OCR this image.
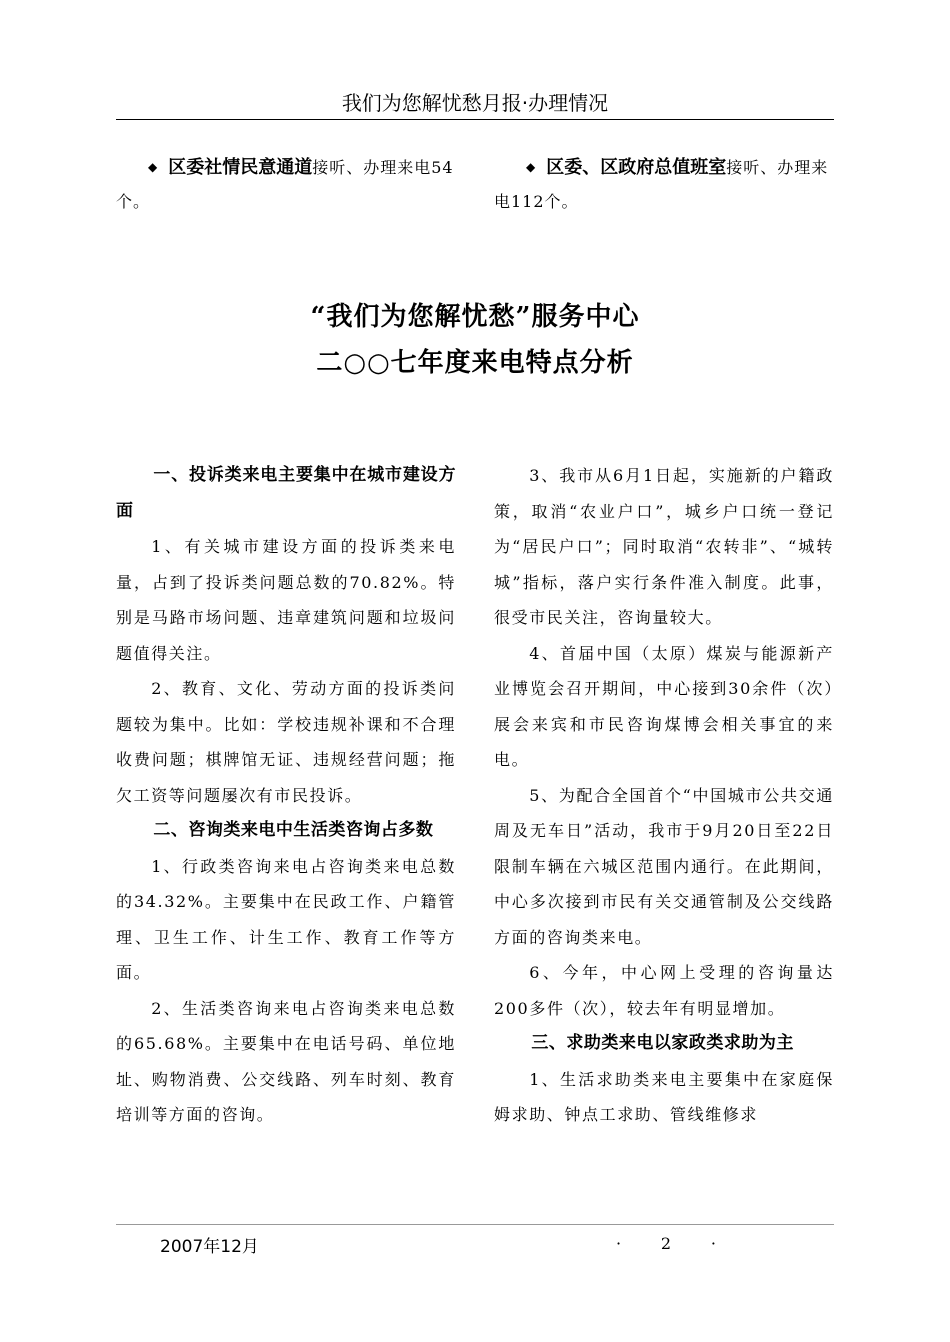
我们为您解忧愁月报·办理情况
◆ 区委社情民意通道接听、办理来电54个。
◆ 区委、区政府总值班室接听、办理来电112个。
“我们为您解忧愁”服务中心
二○○七年度来电特点分析

一、投诉类来电主要集中在城市建设方面

1、有关城市建设方面的投诉类来电量，占到了投诉类问题总数的70.82%。特别是马路市场问题、违章建筑问题和垃圾问题值得关注。

2、教育、文化、劳动方面的投诉类问题较为集中。比如：学校违规补课和不合理收费问题；棋牌馆无证、违规经营问题；拖欠工资等问题屡次有市民投诉。

二、咨询类来电中生活类咨询占多数

1、行政类咨询来电占咨询类来电总数的34.32%。主要集中在民政工作、户籍管理、卫生工作、计生工作、教育工作等方面。

2、生活类咨询来电占咨询类来电总数的65.68%。主要集中在电话号码、单位地址、购物消费、公交线路、列车时刻、教育培训等方面的咨询。

3、我市从6月1日起，实施新的户籍政策，取消“农业户口”，城乡户口统一登记为“居民户口”；同时取消“农转非”、“城转城”指标，落户实行条件准入制度。此事，很受市民关注，咨询量较大。

4、首届中国（太原）煤炭与能源新产业博览会召开期间，中心接到30余件（次）展会来宾和市民咨询煤博会相关事宜的来电。

5、为配合全国首个“中国城市公共交通周及无车日”活动，我市于9月20日至22日限制车辆在六城区范围内通行。在此期间，中心多次接到市民有关交通管制及公交线路方面的咨询类来电。

6、今年，中心网上受理的咨询量达200多件（次），较去年有明显增加。

三、求助类来电以家政类求助为主

1、生活求助类来电主要集中在家庭保姆求助、钟点工求助、管线维修求

2007年12月	· 2 ·
